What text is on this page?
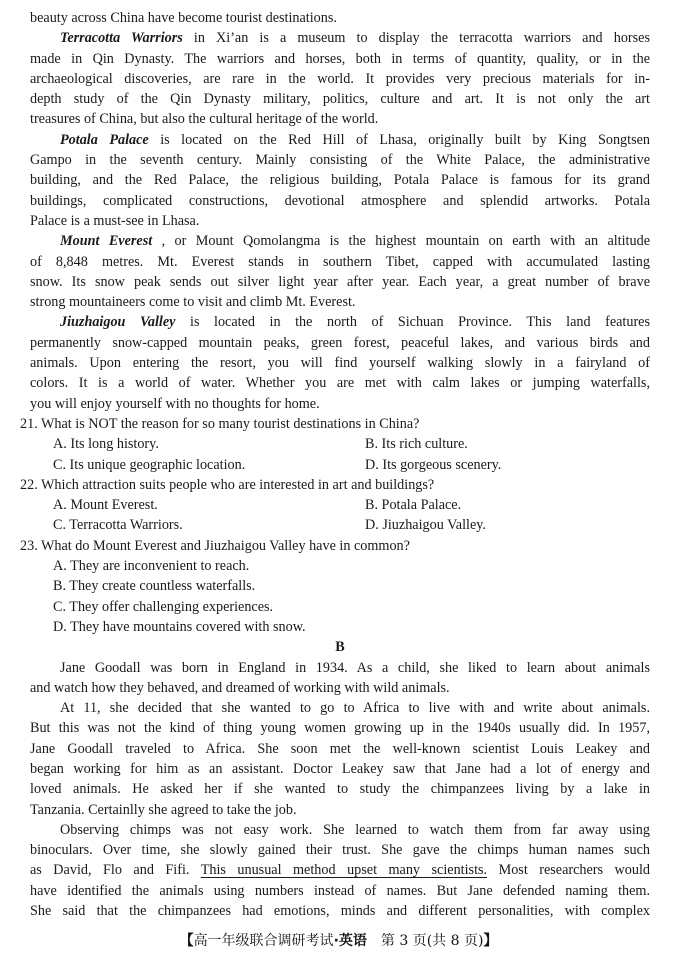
beauty across China have become tourist destinations.
Terracotta Warriors in Xi’an is a museum to display the terracotta warriors and horses
made in Qin Dynasty. The warriors and horses, both in terms of quantity, quality, or in the
archaeological discoveries, are rare in the world. It provides very precious materials for in-
depth study of the Qin Dynasty military, politics, culture and art. It is not only the art
treasures of China, but also the cultural heritage of the world.
Potala Palace is located on the Red Hill of Lhasa, originally built by King Songtsen
Gampo in the seventh century. Mainly consisting of the White Palace, the administrative
building, and the Red Palace, the religious building, Potala Palace is famous for its grand
buildings, complicated constructions, devotional atmosphere and splendid artworks. Potala
Palace is a must-see in Lhasa.
Mount Everest , or Mount Qomolangma is the highest mountain on earth with an altitude
of 8,848 metres. Mt. Everest stands in southern Tibet, capped with accumulated lasting
snow. Its snow peak sends out silver light year after year. Each year, a great number of brave
strong mountaineers come to visit and climb Mt. Everest.
Jiuzhaigou Valley is located in the north of Sichuan Province. This land features
permanently snow-capped mountain peaks, green forest, peaceful lakes, and various birds and
animals. Upon entering the resort, you will find yourself walking slowly in a fairyland of
colors. It is a world of water. Whether you are met with calm lakes or jumping waterfalls,
you will enjoy yourself with no thoughts for home.
21. What is NOT the reason for so many tourist destinations in China?
A. Its long history.	B. Its rich culture.
C. Its unique geographic location.	D. Its gorgeous scenery.
22. Which attraction suits people who are interested in art and buildings?
A. Mount Everest.	B. Potala Palace.
C. Terracotta Warriors.	D. Jiuzhaigou Valley.
23. What do Mount Everest and Jiuzhaigou Valley have in common?
A. They are inconvenient to reach.
B. They create countless waterfalls.
C. They offer challenging experiences.
D. They have mountains covered with snow.
B
Jane Goodall was born in England in 1934. As a child, she liked to learn about animals
and watch how they behaved, and dreamed of working with wild animals.
At 11, she decided that she wanted to go to Africa to live with and write about animals.
But this was not the kind of thing young women growing up in the 1940s usually did. In 1957,
Jane Goodall traveled to Africa. She soon met the well-known scientist Louis Leakey and
began working for him as an assistant. Doctor Leakey saw that Jane had a lot of energy and
loved animals. He asked her if she wanted to study the chimpanzees living by a lake in
Tanzania. Certainlly she agreed to take the job.
Observing chimps was not easy work. She learned to watch them from far away using
binoculars. Over time, she slowly gained their trust. She gave the chimps human names such
as David, Flo and Fifi. This unusual method upset many scientists. Most researchers would
have identified the animals using numbers instead of names. But Jane defended naming them.
She said that the chimpanzees had emotions, minds and different personalities, with complex
【高一年级联合调研考试·英语 第 3 页(共 8 页)】
